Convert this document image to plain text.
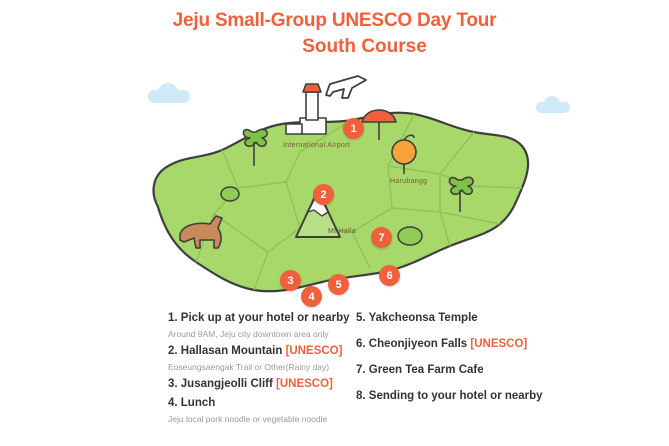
Jeju Small-Group UNESCO Day Tour
South Course
International Airport
Mt.Halla
Harubangg
1
2
3
4
5
6
7
1. Pick up at your hotel or nearby
Around 9AM, Jeju city downtown area only
2. Hallasan Mountain [UNESCO]
Eoseungsaengak Trail or Other(Rainy day)
3. Jusangjeolli Cliff [UNESCO]
4. Lunch
Jeju local pork noodle or vegetable noodle
5. Yakcheonsa Temple
6. Cheonjiyeon Falls [UNESCO]
7. Green Tea Farm Cafe
8. Sending to your hotel or nearby
